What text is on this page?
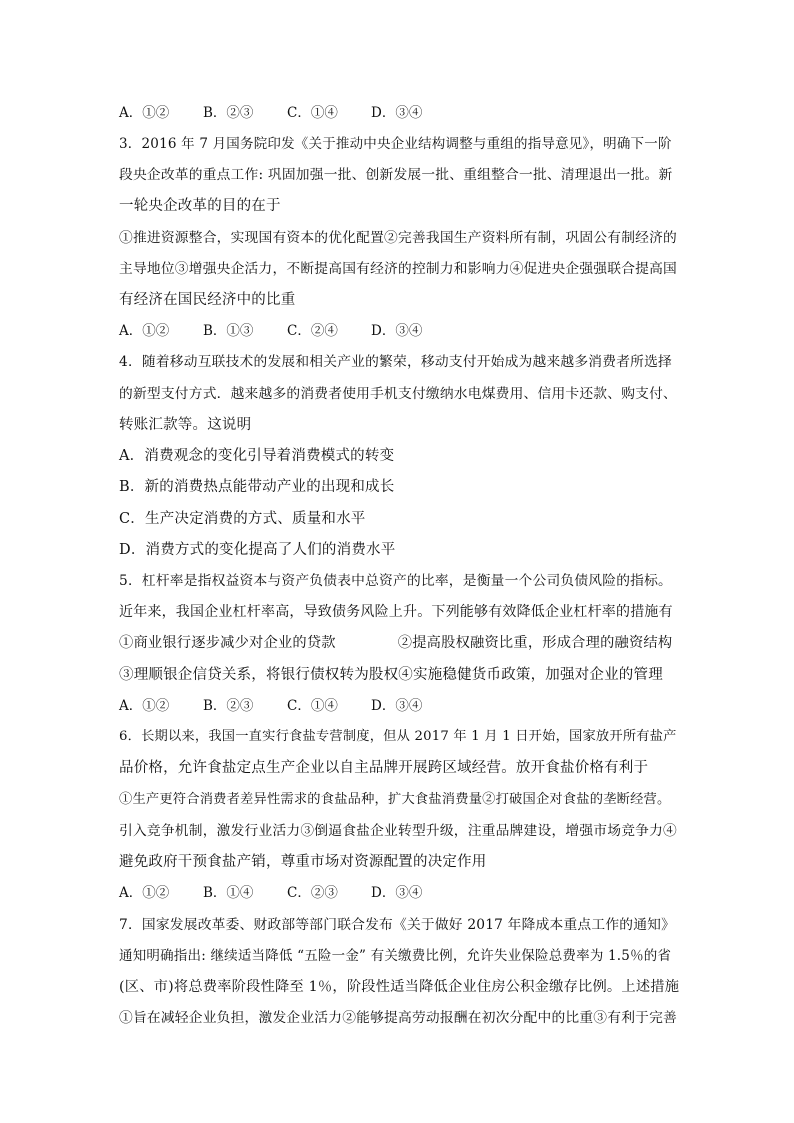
A．①②	B．②③ C．①④ D．③④
3．2016 年 7 月国务院印发《关于推动中央企业结构调整与重组的指导意见》，明确下一阶
段央企改革的重点工作: 巩固加强一批、创新发展一批、重组整合一批、清理退出一批。新
一轮央企改革的目的在于
①推进资源整合，实现国有资本的优化配置②完善我国生产资料所有制，巩固公有制经济的
主导地位③增强央企活力，不断提高国有经济的控制力和影响力④促进央企强强联合提高国
有经济在国民经济中的比重
A．①②	B．①③ C．②④ D．③④
4．随着移动互联技术的发展和相关产业的繁荣，移动支付开始成为越来越多消费者所选择
的新型支付方式．越来越多的消费者使用手机支付缴纳水电煤费用、信用卡还款、购支付、
转账汇款等。这说明
A．消费观念的变化引导着消费模式的转变
B．新的消费热点能带动产业的出现和成长
C．生产决定消费的方式、质量和水平
D．消费方式的变化提高了人们的消费水平
5．杠杆率是指权益资本与资产负债表中总资产的比率，是衡量一个公司负债风险的指标。
近年来，我国企业杠杆率高，导致债务风险上升。下列能够有效降低企业杠杆率的措施有
①商业银行逐步减少对企业的贷款	②提高股权融资比重，形成合理的融资结构
③理顺银企信贷关系，将银行债权转为股权④实施稳健货币政策，加强对企业的管理
A．①②	B．②③ C．①④ D．③④
6．长期以来，我国一直实行食盐专营制度，但从 2017 年 1 月 1 日开始，国家放开所有盐产
品价格，允许食盐定点生产企业以自主品牌开展跨区域经营。放开食盐价格有利于
①生产更符合消费者差异性需求的食盐品种，扩大食盐消费量②打破国企对食盐的垄断经营。
引入竞争机制，激发行业活力③倒逼食盐企业转型升级，注重品牌建设，增强市场竞争力④
避免政府干预食盐产销，尊重市场对资源配置的决定作用
A．①②	B．①④ C．②③ D．③④
7．国家发展改革委、财政部等部门联合发布《关于做好 2017 年降成本重点工作的通知》
通知明确指出: 继续适当降低 “五险一金” 有关缴费比例，允许失业保险总费率为 1.5％的省
(区、市)将总费率阶段性降至 1％，阶段性适当降低企业住房公积金缴存比例。上述措施
①旨在减轻企业负担，激发企业活力②能够提高劳动报酬在初次分配中的比重③有利于完善
